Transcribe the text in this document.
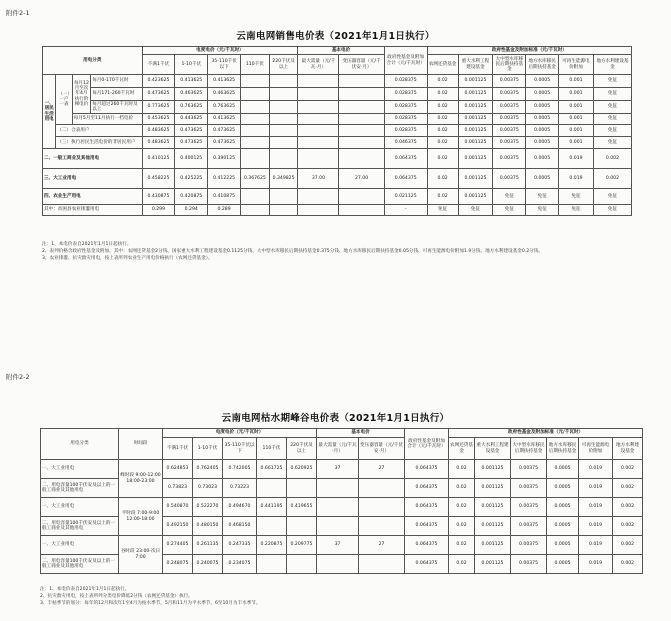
附件2-1
云南电网销售电价表（2021年1月1日执行）
用电分类				电度电价（元/千瓦时）					基本电价		政府性基金及附加合计（元/千瓦时）	政府性基金及附加标准（元/千瓦时）					
				不满1千伏	1-10千伏	35-110千伏以下	110千伏	220千伏及以上	最大需量（元/千瓦·月）	变压器容量（元/千伏安·月）		农网还贷基金	重大水利工程建设基金	大中型水库移民后期扶持基金	地方水库移民后期扶持基金	可再生能源电价附加	地方水利建设基金
一、居民生活用电	（一）一户一表	每月12月至次年4月执行阶梯电价	每月0-170千瓦时	0.423625	0.413625	0.413625					0.028375	0.02	0.001125	0.00375	0.0005	0.001	免征
			每月171-260千瓦时	0.473625	0.463625	0.463625					0.028375	0.02	0.001125	0.00375	0.0005	0.001	免征
			每月超过260千瓦时及以上	0.773625	0.763625	0.763625					0.028375	0.02	0.001125	0.00375	0.0005	0.001	免征
		每月5月至11月执行一档电价		0.453625	0.443625	0.413625					0.028375	0.02	0.001125	0.00375	0.0005	0.001	免征
	（二）合表用户			0.483625	0.473625	0.473625					0.028375	0.02	0.001125	0.00375	0.0005	0.001	免征
	（三）执行居民生活电价的非居民用户			0.483625	0.473625	0.473625					0.046375	0.02	0.001125	0.00375	0.0005	0.001	免征
二、一般工商业及其他用电				0.410125	0.400125	0.390125					0.064375	0.02	0.001125	0.00375	0.0005	0.019	0.002
三、大工业用电				0.458225	0.425225	0.412225	0.367625	0.349825	37.00	27.00	0.064375	0.02	0.001125	0.00375	0.0005	0.019	0.002
四、农业生产用电				0.430875	0.420875	0.410875					0.021125	0.02	0.001125	免征	免征	免征	免征
其中：贫困县农业排灌用电				0.299	0.294	0.289					-	免征	免征	免征	免征	免征	免征
注：1、本电价表自2021年1月1日起执行。
2、表列价格含政府性基金及附加，其中：农网还贷基金2分钱、国家重大水利工程建设基金0.1125分钱、大中型水库移民后期扶持基金0.375分钱、地方水库移民后期扶持基金0.05分钱、可再生能源电价附加1.9分钱、地方水利建设基金0.2分钱。
3、农业排灌、抗灾救灾用电，按上表所列农业生产用电价格执行（农网还贷基金）。
附件2-2
云南电网枯水期峰谷电价表（2021年1月1日执行）
用电分类	时间段	电度电价（元/千瓦时）					基本电价		政府性基金及附加合计（元/千瓦时）	政府性基金及附加标准（元/千瓦时）					
		不满1千伏	1-10千伏	35-110千伏以下	110千伏	220千伏及以上	最大需量（元/千瓦·月）	变压器容量（元/千伏安·月）		农网还贷基金	重大水利工程建设基金	大中型水库移民后期扶持基金	地方水库移民后期扶持基金	可再生能源电价附加	地方水利建设基金
一、大工业用电	峰时段 9:00-12:00 18:00-23:00	0.624853	0.762405	0.742005	0.661725	0.620925	37	27	0.064375	0.02	0.001125	0.00375	0.0005	0.019	0.002
二、用电容量100千伏安及以上的一般工商业及其他用电		0.73823	0.73023	0.73223					0.064375	0.02	0.001125	0.00375	0.0005	0.019	0.002
一、大工业用电	平时段 7:00-9:00 12:00-18:00	0.540870	0.522270	0.494670	0.441195	0.419655			0.064375	0.02	0.001125	0.00375	0.0005	0.019	0.002
二、用电容量100千伏安及以上的一般工商业及其他用电		0.492150	0.480150	0.468150					0.064375	0.02	0.001125	0.00375	0.0005	0.019	0.002
一、大工业用电	谷时段 23:00-次日7:00	0.274405	0.261135	0.247335	0.220875	0.209775	37	27	0.064375	0.02	0.001125	0.00375	0.0005	0.019	0.002
二、用电容量100千伏安及以上的一般工商业及其他用电		0.248075	0.240075	0.234075					0.064375	0.02	0.001125	0.00375	0.0005	0.019	0.002
注：1、本电价表自2021年1月1日起执行。
2、抗灾救灾用电，按上表所列分类电价降低2分钱（农网还贷基金）执行。
3、丰枯季节的划分：每年的12月和次年1至4月为枯水季节，5月和11月为平水季节，6至10月为丰水季节。
